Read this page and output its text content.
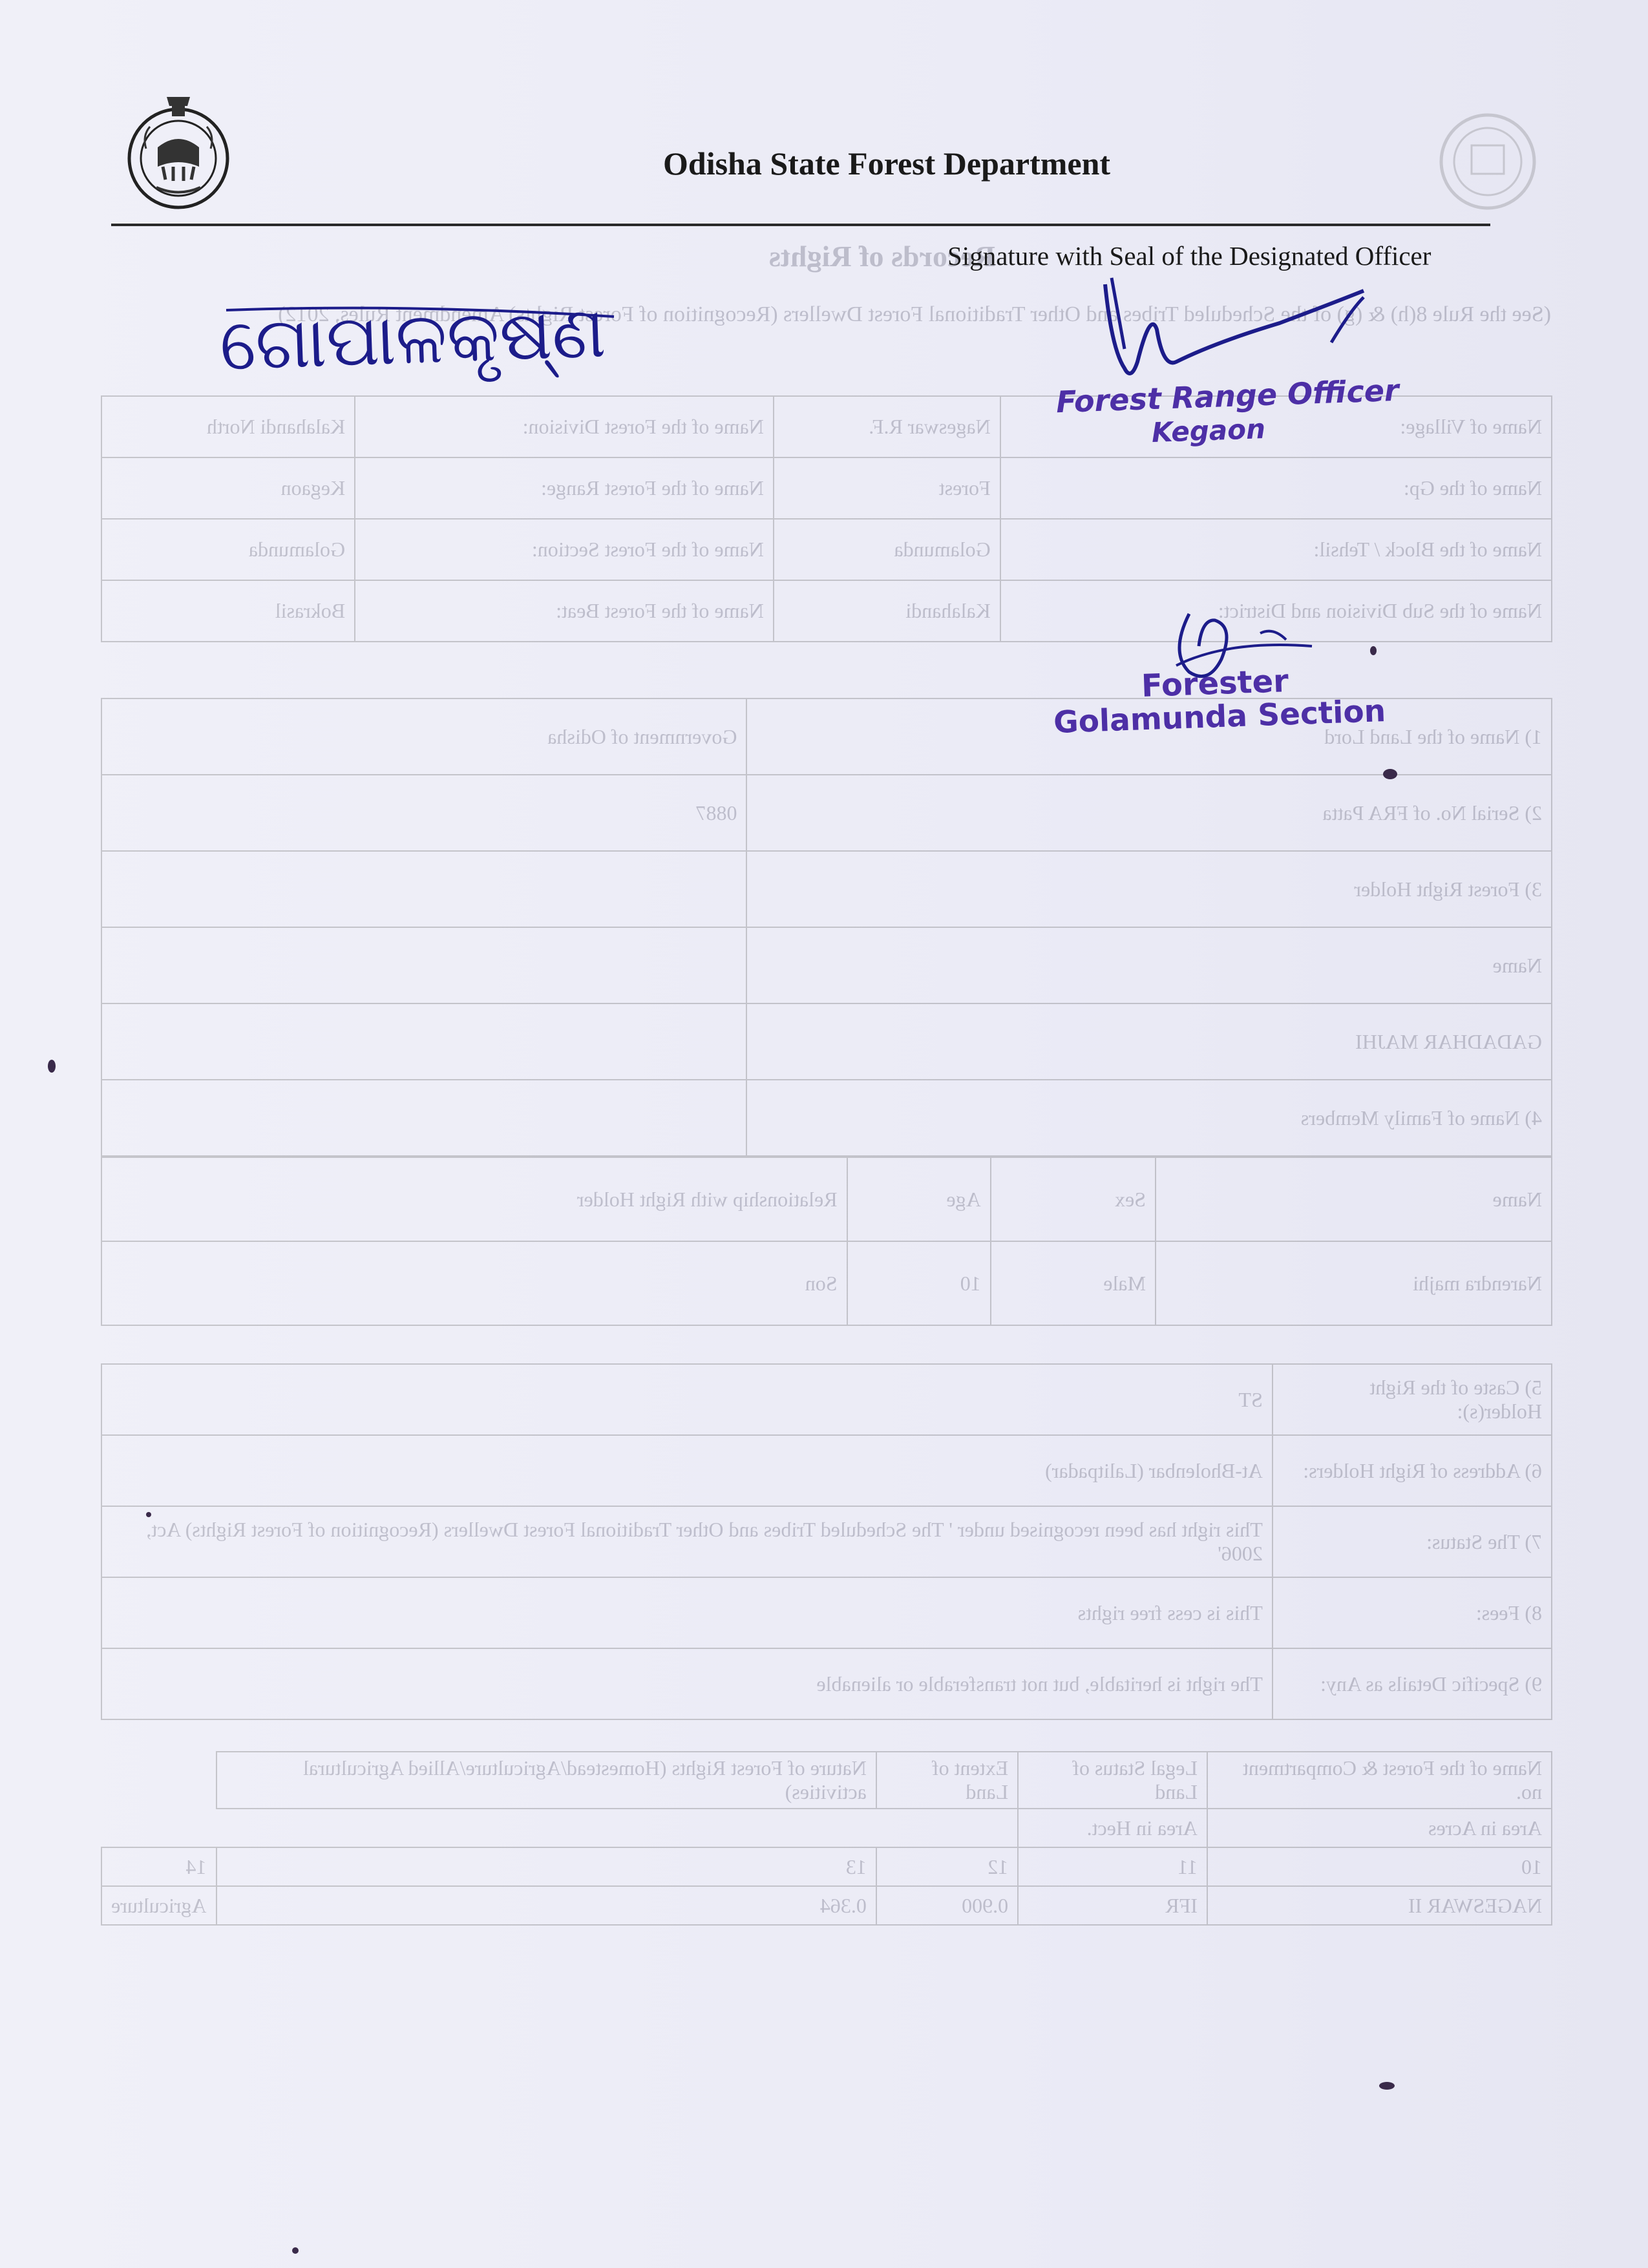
Records of Rights
(See the Rule 8(h) & (g) of the Scheduled Tribes and Other Traditional Forest Dwellers (Recognition of Forest Rights) Amendment Rules, 2012)
Name of Village:	Nageswar R.F.	Name of the Forest Division:	Kalahandi North
Name of the Gp:	Forest	Name of the Forest Range:	Kegaon
Name of the Block / Tehsil:	Golamunda	Name of the Forest Section:	Golamunda
Name of the Sub Division and District:	Kalahandi	Name of the Forest Beat:	Bokrasil
1) Name of the Land Lord	Government of Odisha
2) Serial No. of FRA Patta	0887
3) Forest Right Holder	
Name	
GADADHAR MAJHI	
4) Name of Family Members	
Name	Sex	Age	Relationship with Right Holder
Narendra majhi	Male	10	Son
5) Caste of the Right Holder(s):	ST
6) Address of Right Holders:	At-Bholenbar (Lalitpadar)
7) The Status:	This right has been recognised under ' The Scheduled Tribes and Other Traditional Forest Dwellers (Recognition of Forest Rights) Act, 2006'
8) Fees:	This is cess free rights
9) Specific Details as Any:	The right is heritable, but not transferable or alienable
Name of the Forest & Compartment no.	Legal Status of Land	Extent of Land	Nature of Forest Rights (Homestead/Agriculture/Allied Agricultural activities)	
Area in Acres	Area in Hect.			
10	11	12	13	14
NAGESWAR II	IFR	0.900	0.364	Agriculture
Odisha State Forest Department
Signature with Seal of the Designated Officer
ଗୋପାଳକୃଷ୍ଣ
Forest Range Officer
Kegaon
Forester
Golamunda Section
